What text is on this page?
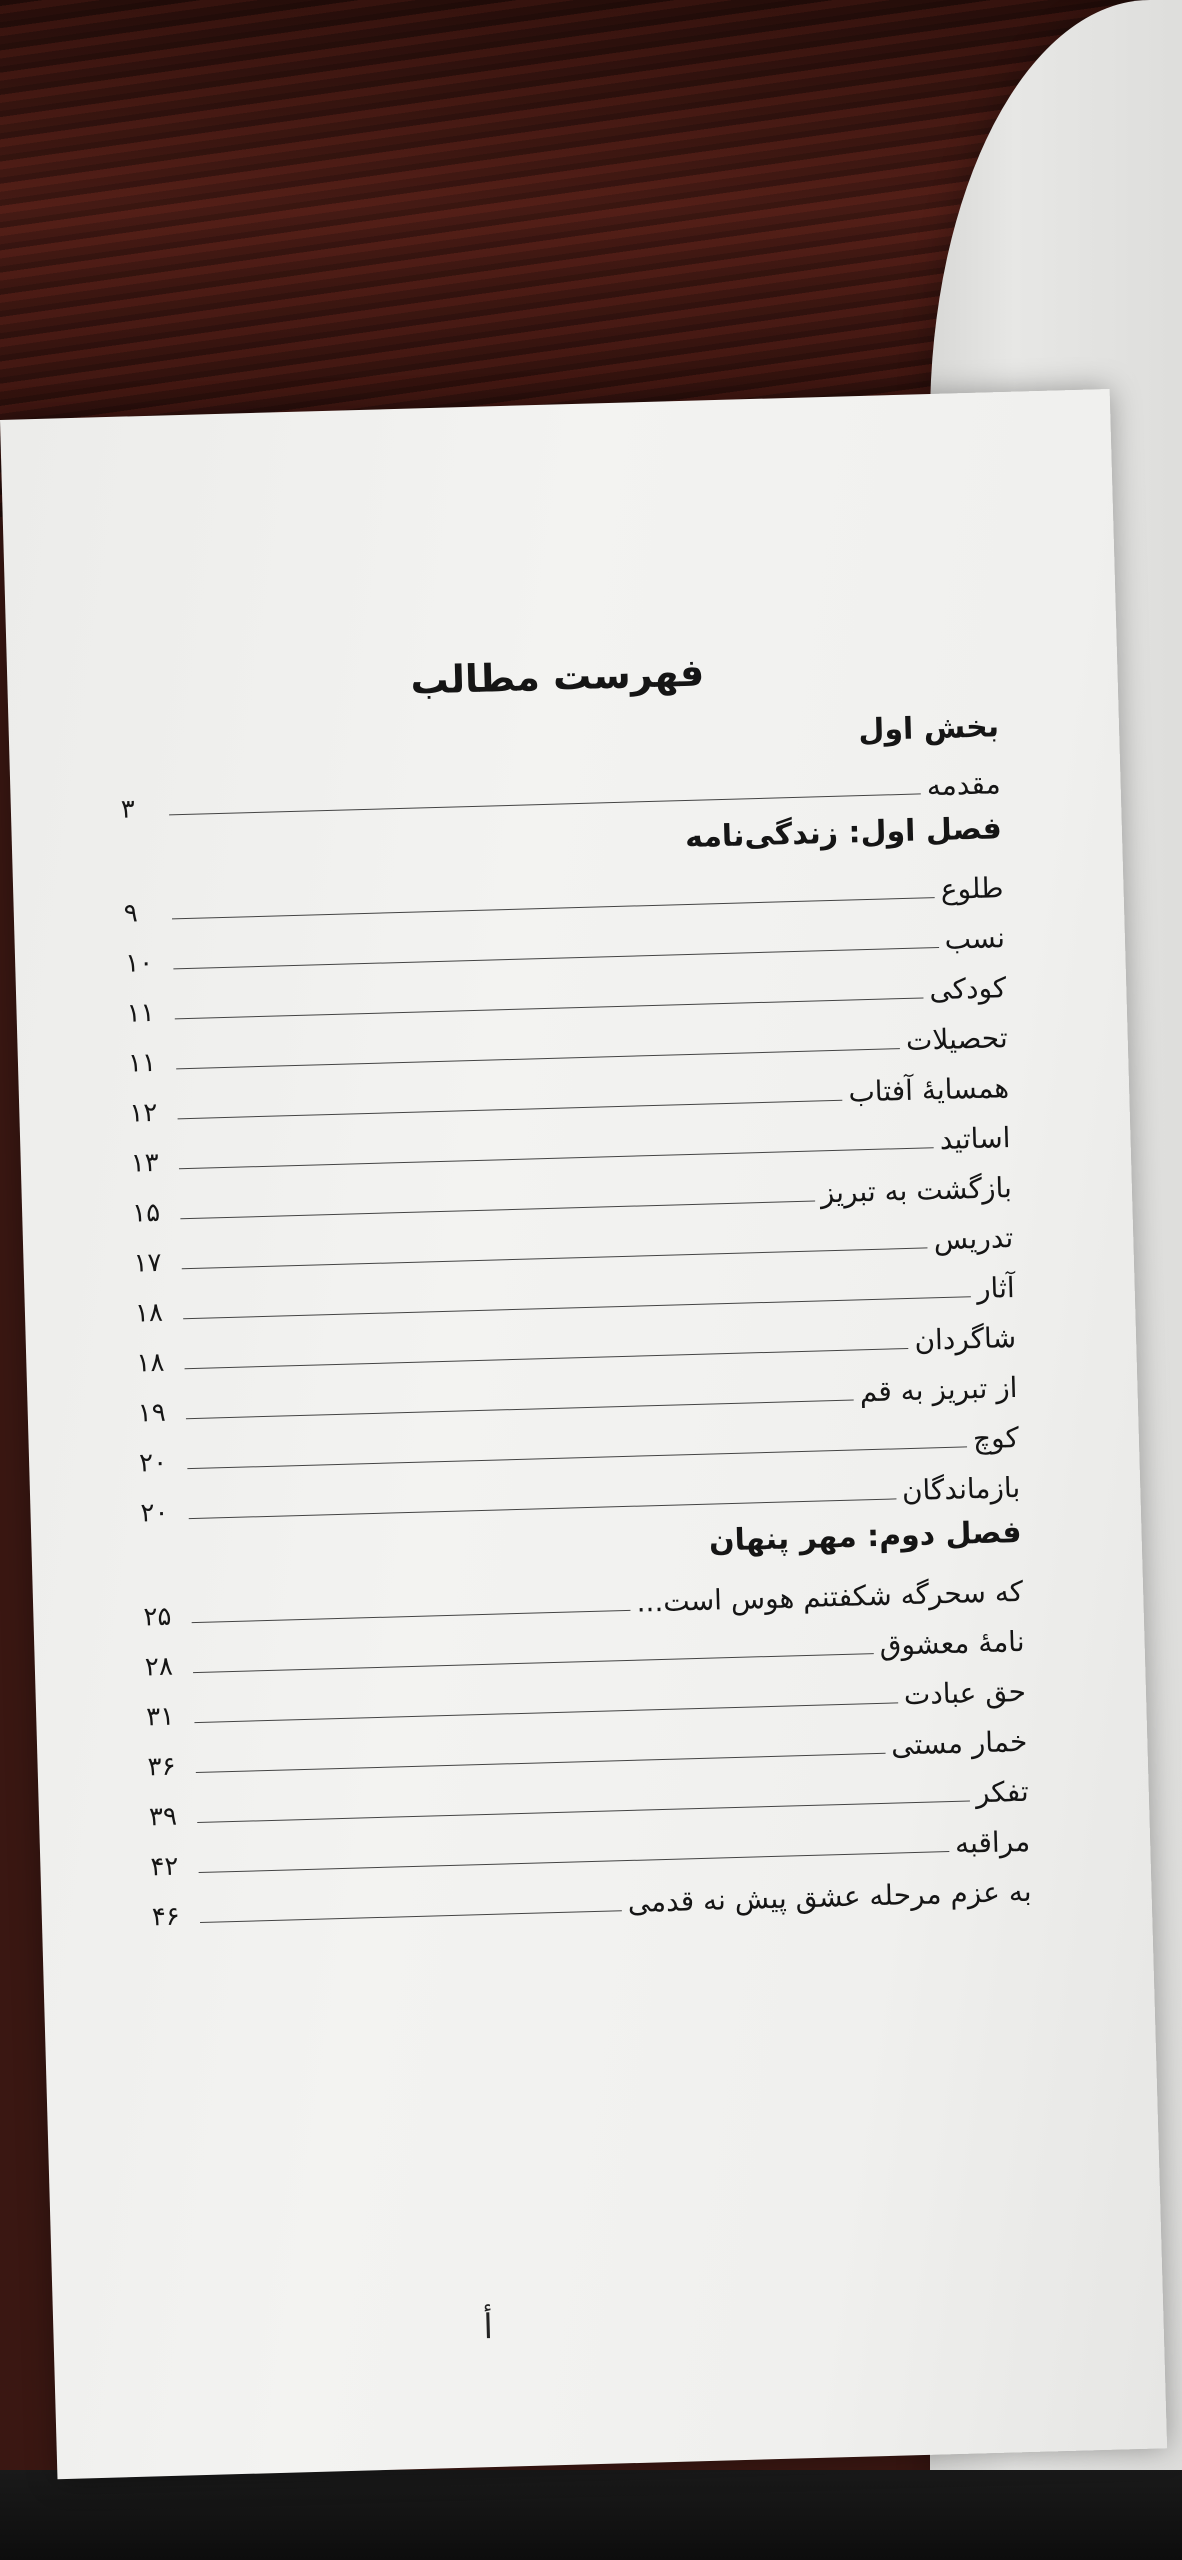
فهرست مطالب
بخش اول
مقدمه
۳
فصل اول: زندگی‌نامه
طلوع
۹
نسب
۱۰
کودکی
۱۱
تحصیلات
۱۱
همسایهٔ آفتاب
۱۲
اساتید
۱۳
بازگشت به تبریز
۱۵
تدریس
۱۷
آثار
۱۸
شاگردان
۱۸
از تبریز به قم
۱۹
کوچ
۲۰
بازماندگان
۲۰
فصل دوم: مهر پنهان
که سحرگه شکفتنم هوس است...
۲۵
نامهٔ معشوق
۲۸
حق عبادت
۳۱
خمار مستی
۳۶
تفکر
۳۹
مراقبه
۴۲
به عزم مرحله عشق پیش نه قدمی
۴۶
أ
